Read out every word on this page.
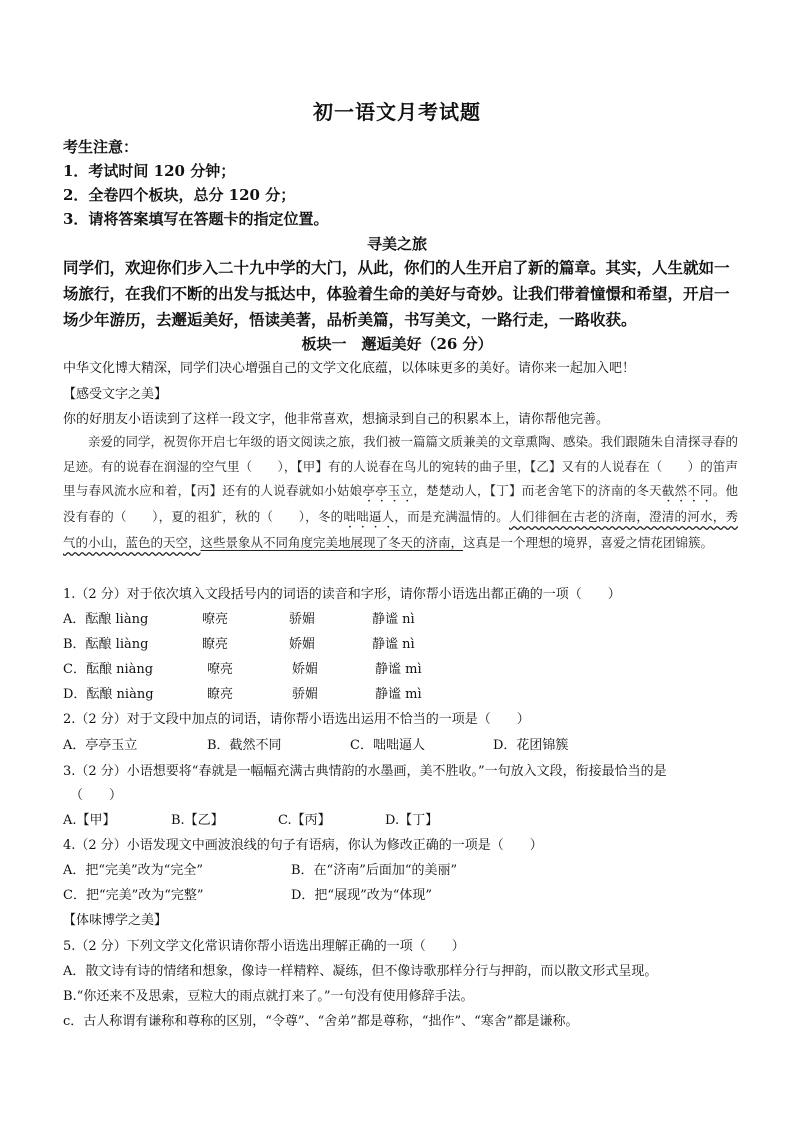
初一语文月考试题
考生注意：
1．考试时间 120 分钟；
2．全卷四个板块，总分 120 分；
3．请将答案填写在答题卡的指定位置。
寻美之旅
同学们，欢迎你们步入二十九中学的大门，从此，你们的人生开启了新的篇章。其实，人生就如一场旅行，在我们不断的出发与抵达中，体验着生命的美好与奇妙。让我们带着憧憬和希望，开启一场少年游历，去邂逅美好，悟读美著，品析美篇，书写美文，一路行走，一路收获。
板块一　邂逅美好（26 分）
中华文化博大精深，同学们决心增强自己的文学文化底蕴，以体味更多的美好。请你来一起加入吧！
【感受文字之美】
你的好朋友小语读到了这样一段文字，他非常喜欢，想摘录到自己的积累本上，请你帮他完善。

亲爱的同学，祝贺你开启七年级的语文阅读之旅，我们被一篇篇文质兼美的文章熏陶、感染。我们跟随朱自清探寻春的足迹。有的说春在润湿的空气里（　　），【甲】有的人说春在鸟儿的宛转的曲子里，【乙】又有的人说春在（　　）的笛声里与春风流水应和着，【丙】还有的人说春就如小姑娘亭亭玉立，楚楚动人，【丁】而老舍笔下的济南的冬天截然不同。他没有春的（　　），夏的祖犷，秋的（　　），冬的咄咄逼人，而是充满温情的。人们徘徊在古老的济南，澄清的河水，秀气的小山，蓝色的天空，这些景象从不同角度完美地展现了冬天的济南，这真是一个理想的境界，喜爱之情花团锦簇。

1.（2 分）对于依次填入文段括号内的词语的读音和字形，请你帮小语选出都正确的一项（　　）
A．酝酿 liàng	嘹亮	骄媚	静谧 nì
B．酝酿 liàng	瞭亮	娇媚	静谧 nì
C．酝酿 niàng	嘹亮	娇媚	静谧 mì
D．酝酿 niàng	瞭亮	骄媚	静谧 mì
2.（2 分）对于文段中加点的词语，请你帮小语选出运用不恰当的一项是（　　）
A．亭亭玉立	B．截然不同	C．咄咄逼人	D．花团锦簇
3.（2 分）小语想要将“春就是一幅幅充满古典情韵的水墨画，美不胜收。”一句放入文段，衔接最恰当的是
（　　）
A.【甲】	B.【乙】	C.【丙】	D.【丁】
4.（2 分）小语发现文中画波浪线的句子有语病，你认为修改正确的一项是（　　）
A．把“完美”改为“完全”	B．在“济南”后面加“的美丽”
C．把“完美”改为“完整”	D．把“展现”改为“体现”
【体味博学之美】
5.（2 分）下列文学文化常识请你帮小语选出理解正确的一项（　　）
A．散文诗有诗的情绪和想象，像诗一样精粹、凝练，但不像诗歌那样分行与押韵，而以散文形式呈现。
B.“你还来不及思索，豆粒大的雨点就打来了。”一句没有使用修辞手法。
c．古人称谓有谦称和尊称的区别，“令尊”、“舍弟”都是尊称，“拙作”、“寒舍”都是谦称。
